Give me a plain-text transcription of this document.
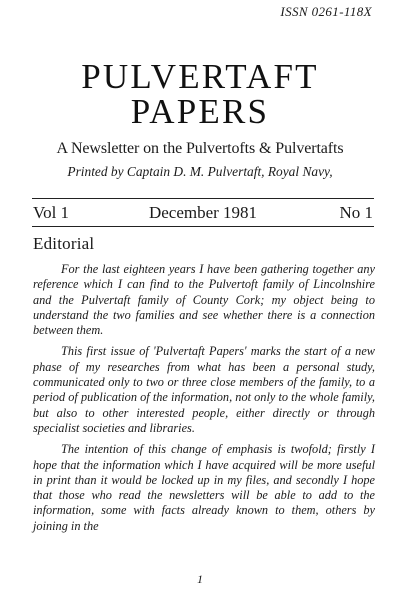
ISSN 0261-118X
PULVERTAFT
PAPERS
A Newsletter on the Pulvertofts & Pulvertafts
Printed by Captain D. M. Pulvertaft, Royal Navy,
Vol 1	December 1981	No 1
Editorial

For the last eighteen years I have been gathering together any reference which I can find to the Pulvertoft family of Lincolnshire and the Pulvertaft family of County Cork; my object being to understand the two families and see whether there is a connection between them.

This first issue of 'Pulvertaft Papers' marks the start of a new phase of my researches from what has been a personal study, communicated only to two or three close members of the family, to a period of publication of the information, not only to the whole family, but also to other interested people, either directly or through specialist societies and libraries.

The intention of this change of emphasis is twofold; firstly I hope that the information which I have acquired will be more useful in print than it would be locked up in my files, and secondly I hope that those who read the newsletters will be able to add to the information, some with facts already known to them, others by joining in the

1
